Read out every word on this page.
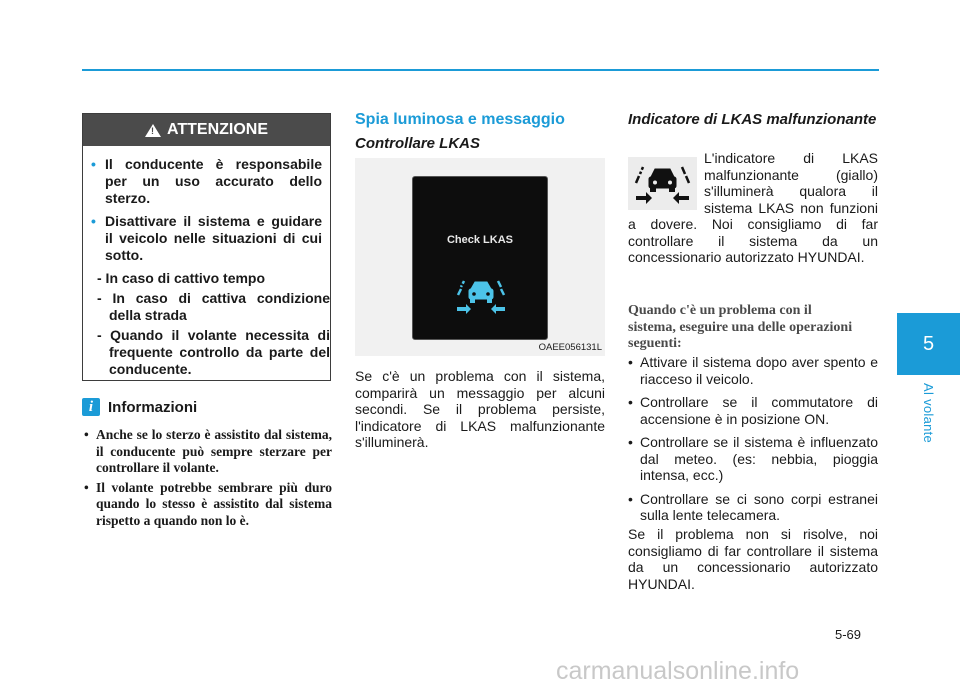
5
Al volante
!
ATTENZIONE
• Il conducente è responsabile per un uso accurato dello sterzo.
• Disattivare il sistema e guidare il veicolo nelle situazioni di cui sotto.
- In caso di cattivo tempo
- In caso di cattiva condizione della strada
- Quando il volante necessita di frequente controllo da parte del conducente.
i Informazioni
• Anche se lo sterzo è assistito dal sistema, il conducente può sempre sterzare per controllare il volante.
• Il volante potrebbe sembrare più duro quando lo stesso è assistito dal sistema rispetto a quando non lo è.
Spia luminosa e messaggio
Controllare LKAS
Check LKAS
OAEE056131L

Se c'è un problema con il sistema, comparirà un messaggio per alcuni secondi. Se il problema persiste, l'indicatore di LKAS malfunzionante s'illuminerà.

Indicatore di LKAS malfunzionante
L'indicatore di LKAS malfunzionante (giallo) s'illuminerà qualora il sistema LKAS non funzioni a dovere. Noi consigliamo di far controllare il sistema da un concessionario autorizzato HYUNDAI.
Quando c'è un problema con il sistema, eseguire una delle operazioni seguenti:
• Attivare il sistema dopo aver spento e riacceso il veicolo.
• Controllare se il commutatore di accensione è in posizione ON.
• Controllare se il sistema è influenzato dal meteo. (es: nebbia, pioggia intensa, ecc.)
• Controllare se ci sono corpi estranei sulla lente telecamera.

Se il problema non si risolve, noi consigliamo di far controllare il sistema da un concessionario autorizzato HYUNDAI.

5-69
carmanualsonline.info
